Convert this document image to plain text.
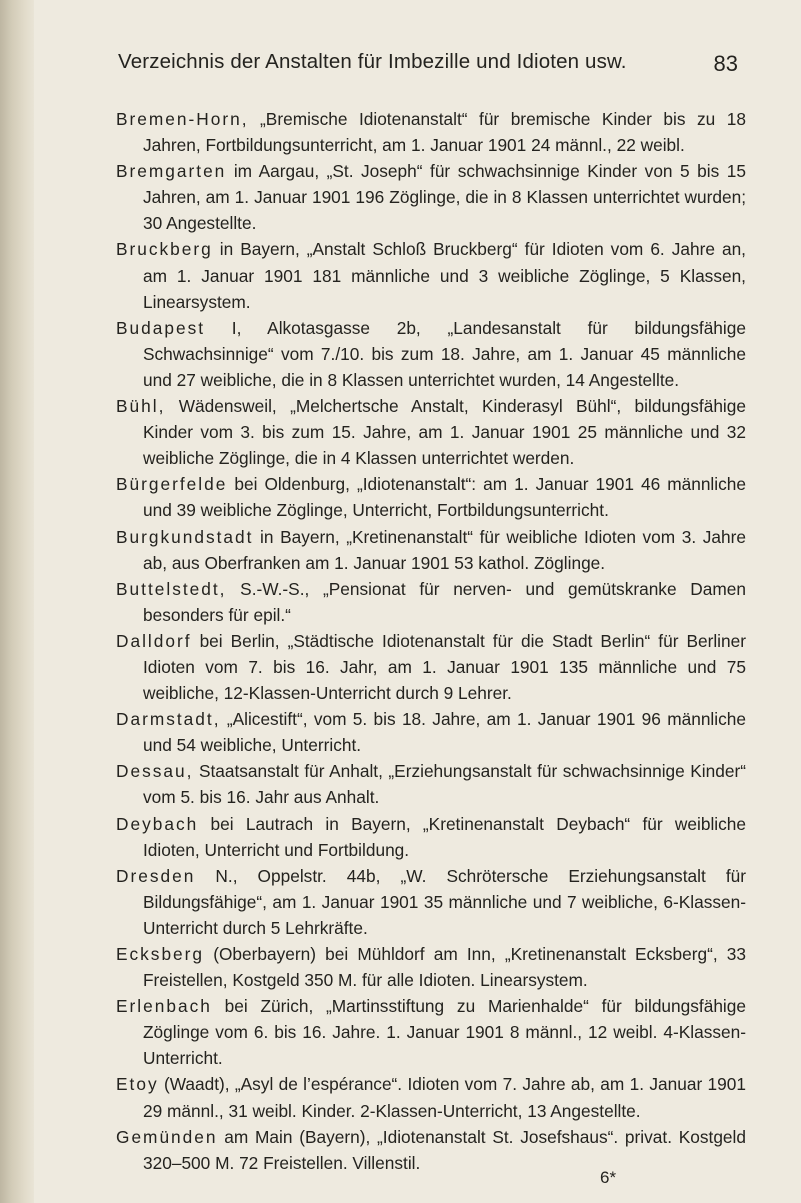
Verzeichnis der Anstalten für Imbezille und Idioten usw.	83

Bremen-Horn, „Bremische Idiotenanstalt“ für bremische Kinder bis zu 18 Jahren, Fortbildungsunterricht, am 1. Januar 1901 24 männl., 22 weibl.

Bremgarten im Aargau, „St. Joseph“ für schwachsinnige Kinder von 5 bis 15 Jahren, am 1. Januar 1901 196 Zöglinge, die in 8 Klassen unterrichtet wurden; 30 Angestellte.

Bruckberg in Bayern, „Anstalt Schloß Bruckberg“ für Idioten vom 6. Jahre an, am 1. Januar 1901 181 männliche und 3 weibliche Zöglinge, 5 Klassen, Linearsystem.

Budapest I, Alkotasgasse 2b, „Landesanstalt für bildungsfähige Schwachsinnige“ vom 7./10. bis zum 18. Jahre, am 1. Januar 45 männliche und 27 weibliche, die in 8 Klassen unterrichtet wurden, 14 Angestellte.

Bühl, Wädensweil, „Melchertsche Anstalt, Kinderasyl Bühl“, bildungsfähige Kinder vom 3. bis zum 15. Jahre, am 1. Januar 1901 25 männliche und 32 weibliche Zöglinge, die in 4 Klassen unterrichtet werden.

Bürgerfelde bei Oldenburg, „Idiotenanstalt“: am 1. Januar 1901 46 männliche und 39 weibliche Zöglinge, Unterricht, Fortbildungsunterricht.

Burgkundstadt in Bayern, „Kretinenanstalt“ für weibliche Idioten vom 3. Jahre ab, aus Oberfranken am 1. Januar 1901 53 kathol. Zöglinge.

Buttelstedt, S.-W.-S., „Pensionat für nerven- und gemütskranke Damen besonders für epil.“

Dalldorf bei Berlin, „Städtische Idiotenanstalt für die Stadt Berlin“ für Berliner Idioten vom 7. bis 16. Jahr, am 1. Januar 1901 135 männliche und 75 weibliche, 12-Klassen-Unterricht durch 9 Lehrer.

Darmstadt, „Alicestift“, vom 5. bis 18. Jahre, am 1. Januar 1901 96 männliche und 54 weibliche, Unterricht.

Dessau, Staatsanstalt für Anhalt, „Erziehungsanstalt für schwachsinnige Kinder“ vom 5. bis 16. Jahr aus Anhalt.

Deybach bei Lautrach in Bayern, „Kretinenanstalt Deybach“ für weibliche Idioten, Unterricht und Fortbildung.

Dresden N., Oppelstr. 44b, „W. Schrötersche Erziehungsanstalt für Bildungsfähige“, am 1. Januar 1901 35 männliche und 7 weibliche, 6-Klassen-Unterricht durch 5 Lehrkräfte.

Ecksberg (Oberbayern) bei Mühldorf am Inn, „Kretinenanstalt Ecksberg“, 33 Freistellen, Kostgeld 350 M. für alle Idioten. Linearsystem.

Erlenbach bei Zürich, „Martinsstiftung zu Marienhalde“ für bildungsfähige Zöglinge vom 6. bis 16. Jahre. 1. Januar 1901 8 männl., 12 weibl. 4-Klassen-Unterricht.

Etoy (Waadt), „Asyl de l’espérance“. Idioten vom 7. Jahre ab, am 1. Januar 1901 29 männl., 31 weibl. Kinder. 2-Klassen-Unterricht, 13 Angestellte.

Gemünden am Main (Bayern), „Idiotenanstalt St. Josefshaus“. privat. Kostgeld 320–500 M. 72 Freistellen. Villenstil.

6*
